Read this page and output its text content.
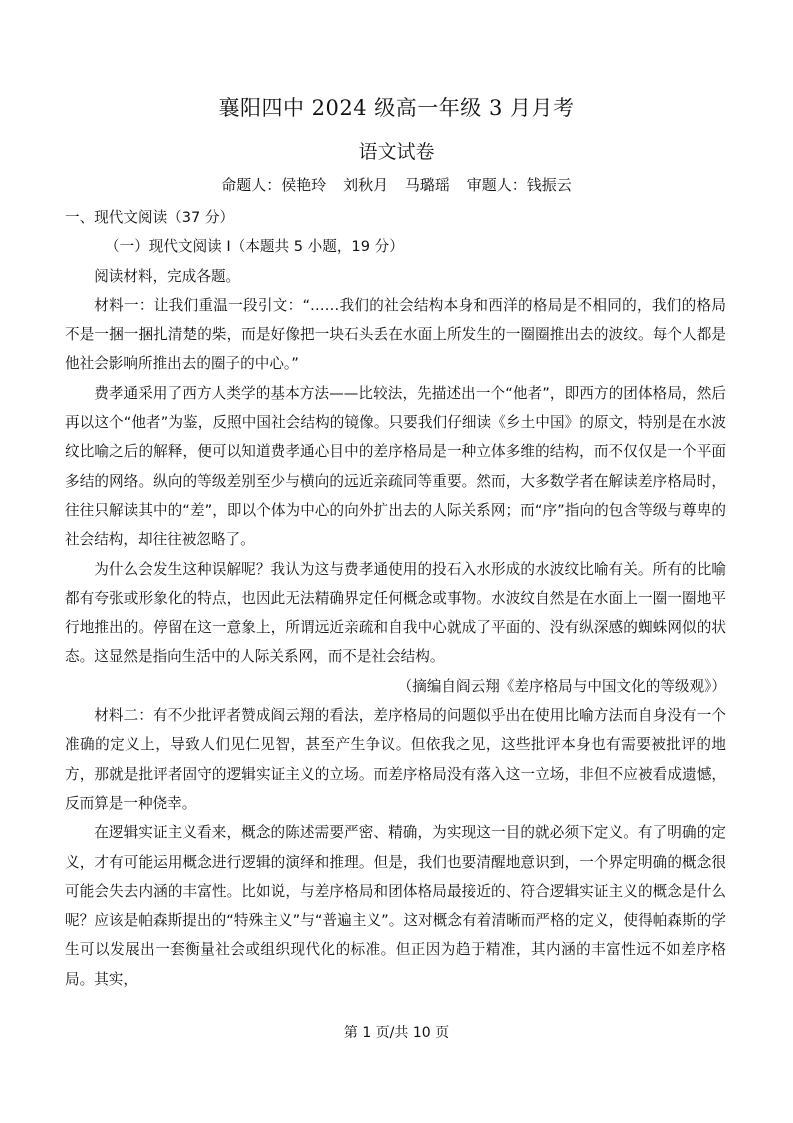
襄阳四中 2024 级高一年级 3 月月考
语文试卷
命题人：侯艳玲 刘秋月 马璐瑶 审题人：钱振云

一、现代文阅读（37 分）

（一）现代文阅读 I（本题共 5 小题，19 分）

阅读材料，完成各题。

材料一：让我们重温一段引文：“……我们的社会结构本身和西洋的格局是不相同的，我们的格局不是一捆一捆扎清楚的柴，而是好像把一块石头丢在水面上所发生的一圈圈推出去的波纹。每个人都是他社会影响所推出去的圈子的中心。”

费孝通采用了西方人类学的基本方法——比较法，先描述出一个“他者”，即西方的团体格局，然后再以这个“他者”为鉴，反照中国社会结构的镜像。只要我们仔细读《乡土中国》的原文，特别是在水波纹比喻之后的解释，便可以知道费孝通心目中的差序格局是一种立体多维的结构，而不仅仅是一个平面多结的网络。纵向的等级差别至少与横向的远近亲疏同等重要。然而，大多数学者在解读差序格局时，往往只解读其中的“差”，即以个体为中心的向外扩出去的人际关系网；而“序”指向的包含等级与尊卑的社会结构，却往往被忽略了。

为什么会发生这种误解呢？我认为这与费孝通使用的投石入水形成的水波纹比喻有关。所有的比喻都有夸张或形象化的特点，也因此无法精确界定任何概念或事物。水波纹自然是在水面上一圈一圈地平行地推出的。停留在这一意象上，所谓远近亲疏和自我中心就成了平面的、没有纵深感的蜘蛛网似的状态。这显然是指向生活中的人际关系网，而不是社会结构。

（摘编自阎云翔《差序格局与中国文化的等级观》）

材料二：有不少批评者赞成阎云翔的看法，差序格局的问题似乎出在使用比喻方法而自身没有一个准确的定义上，导致人们见仁见智，甚至产生争议。但依我之见，这些批评本身也有需要被批评的地方，那就是批评者固守的逻辑实证主义的立场。而差序格局没有落入这一立场，非但不应被看成遗憾，反而算是一种侥幸。

在逻辑实证主义看来，概念的陈述需要严密、精确，为实现这一目的就必须下定义。有了明确的定义，才有可能运用概念进行逻辑的演绎和推理。但是，我们也要清醒地意识到，一个界定明确的概念很可能会失去内涵的丰富性。比如说，与差序格局和团体格局最接近的、符合逻辑实证主义的概念是什么呢？应该是帕森斯提出的“特殊主义”与“普遍主义”。这对概念有着清晰而严格的定义，使得帕森斯的学生可以发展出一套衡量社会或组织现代化的标准。但正因为趋于精准，其内涵的丰富性远不如差序格局。其实，

第 1 页/共 10 页
